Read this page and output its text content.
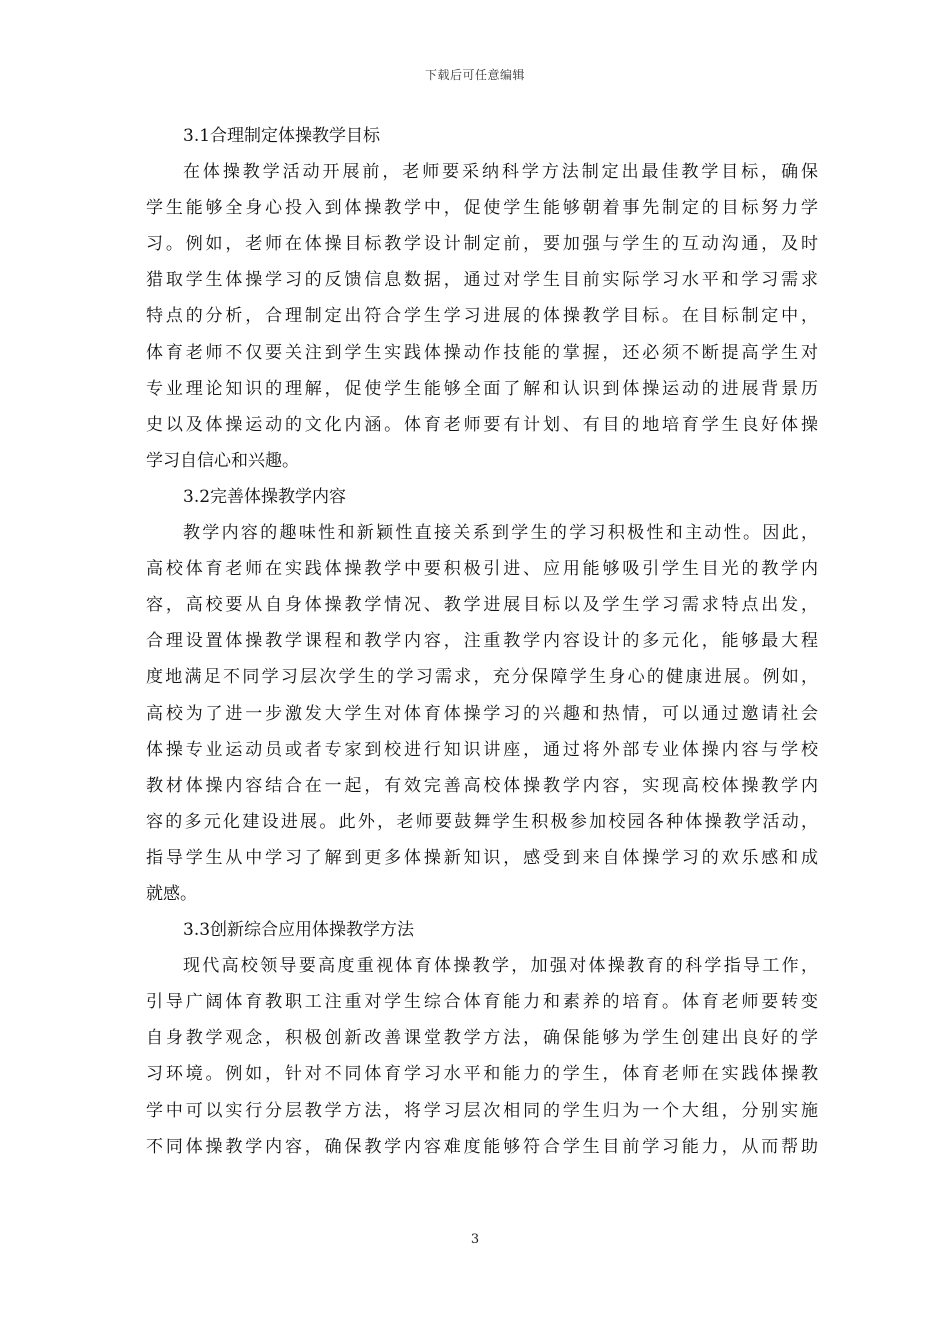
下载后可任意编辑
3.1合理制定体操教学目标
在体操教学活动开展前，老师要采纳科学方法制定出最佳教学目标，确保
学生能够全身心投入到体操教学中，促使学生能够朝着事先制定的目标努力学
习。例如，老师在体操目标教学设计制定前，要加强与学生的互动沟通，及时
猎取学生体操学习的反馈信息数据，通过对学生目前实际学习水平和学习需求
特点的分析，合理制定出符合学生学习进展的体操教学目标。在目标制定中，
体育老师不仅要关注到学生实践体操动作技能的掌握，还必须不断提高学生对
专业理论知识的理解，促使学生能够全面了解和认识到体操运动的进展背景历
史以及体操运动的文化内涵。体育老师要有计划、有目的地培育学生良好体操
学习自信心和兴趣。
3.2完善体操教学内容
教学内容的趣味性和新颖性直接关系到学生的学习积极性和主动性。因此，
高校体育老师在实践体操教学中要积极引进、应用能够吸引学生目光的教学内
容，高校要从自身体操教学情况、教学进展目标以及学生学习需求特点出发，
合理设置体操教学课程和教学内容，注重教学内容设计的多元化，能够最大程
度地满足不同学习层次学生的学习需求，充分保障学生身心的健康进展。例如，
高校为了进一步激发大学生对体育体操学习的兴趣和热情，可以通过邀请社会
体操专业运动员或者专家到校进行知识讲座，通过将外部专业体操内容与学校
教材体操内容结合在一起，有效完善高校体操教学内容，实现高校体操教学内
容的多元化建设进展。此外，老师要鼓舞学生积极参加校园各种体操教学活动，
指导学生从中学习了解到更多体操新知识，感受到来自体操学习的欢乐感和成
就感。
3.3创新综合应用体操教学方法
现代高校领导要高度重视体育体操教学，加强对体操教育的科学指导工作，
引导广阔体育教职工注重对学生综合体育能力和素养的培育。体育老师要转变
自身教学观念，积极创新改善课堂教学方法，确保能够为学生创建出良好的学
习环境。例如，针对不同体育学习水平和能力的学生，体育老师在实践体操教
学中可以实行分层教学方法，将学习层次相同的学生归为一个大组，分别实施
不同体操教学内容，确保教学内容难度能够符合学生目前学习能力，从而帮助
3
